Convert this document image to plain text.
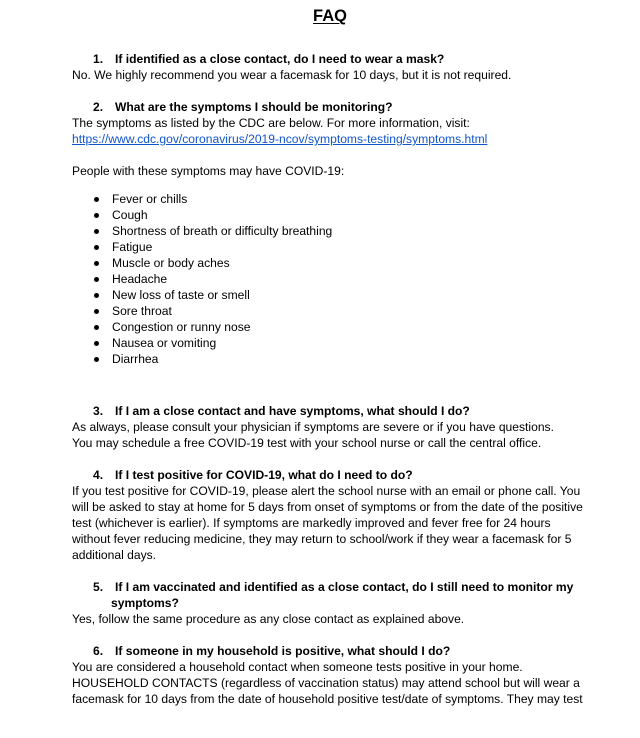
FAQ
1. If identified as a close contact, do I need to wear a mask?
No. We highly recommend you wear a facemask for 10 days, but it is not required.
2. What are the symptoms I should be monitoring?
The symptoms as listed by the CDC are below. For more information, visit:
https://www.cdc.gov/coronavirus/2019-ncov/symptoms-testing/symptoms.html
People with these symptoms may have COVID-19:
Fever or chills
Cough
Shortness of breath or difficulty breathing
Fatigue
Muscle or body aches
Headache
New loss of taste or smell
Sore throat
Congestion or runny nose
Nausea or vomiting
Diarrhea
3. If I am a close contact and have symptoms, what should I do?
As always, please consult your physician if symptoms are severe or if you have questions.
You may schedule a free COVID-19 test with your school nurse or call the central office.
4. If I test positive for COVID-19, what do I need to do?
If you test positive for COVID-19, please alert the school nurse with an email or phone call. You
will be asked to stay at home for 5 days from onset of symptoms or from the date of the positive
test (whichever is earlier). If symptoms are markedly improved and fever free for 24 hours
without fever reducing medicine, they may return to school/work if they wear a facemask for 5
additional days.
5. If I am vaccinated and identified as a close contact, do I still need to monitor my
symptoms?
Yes, follow the same procedure as any close contact as explained above.
6. If someone in my household is positive, what should I do?
You are considered a household contact when someone tests positive in your home.
HOUSEHOLD CONTACTS (regardless of vaccination status) may attend school but will wear a
facemask for 10 days from the date of household positive test/date of symptoms. They may test
